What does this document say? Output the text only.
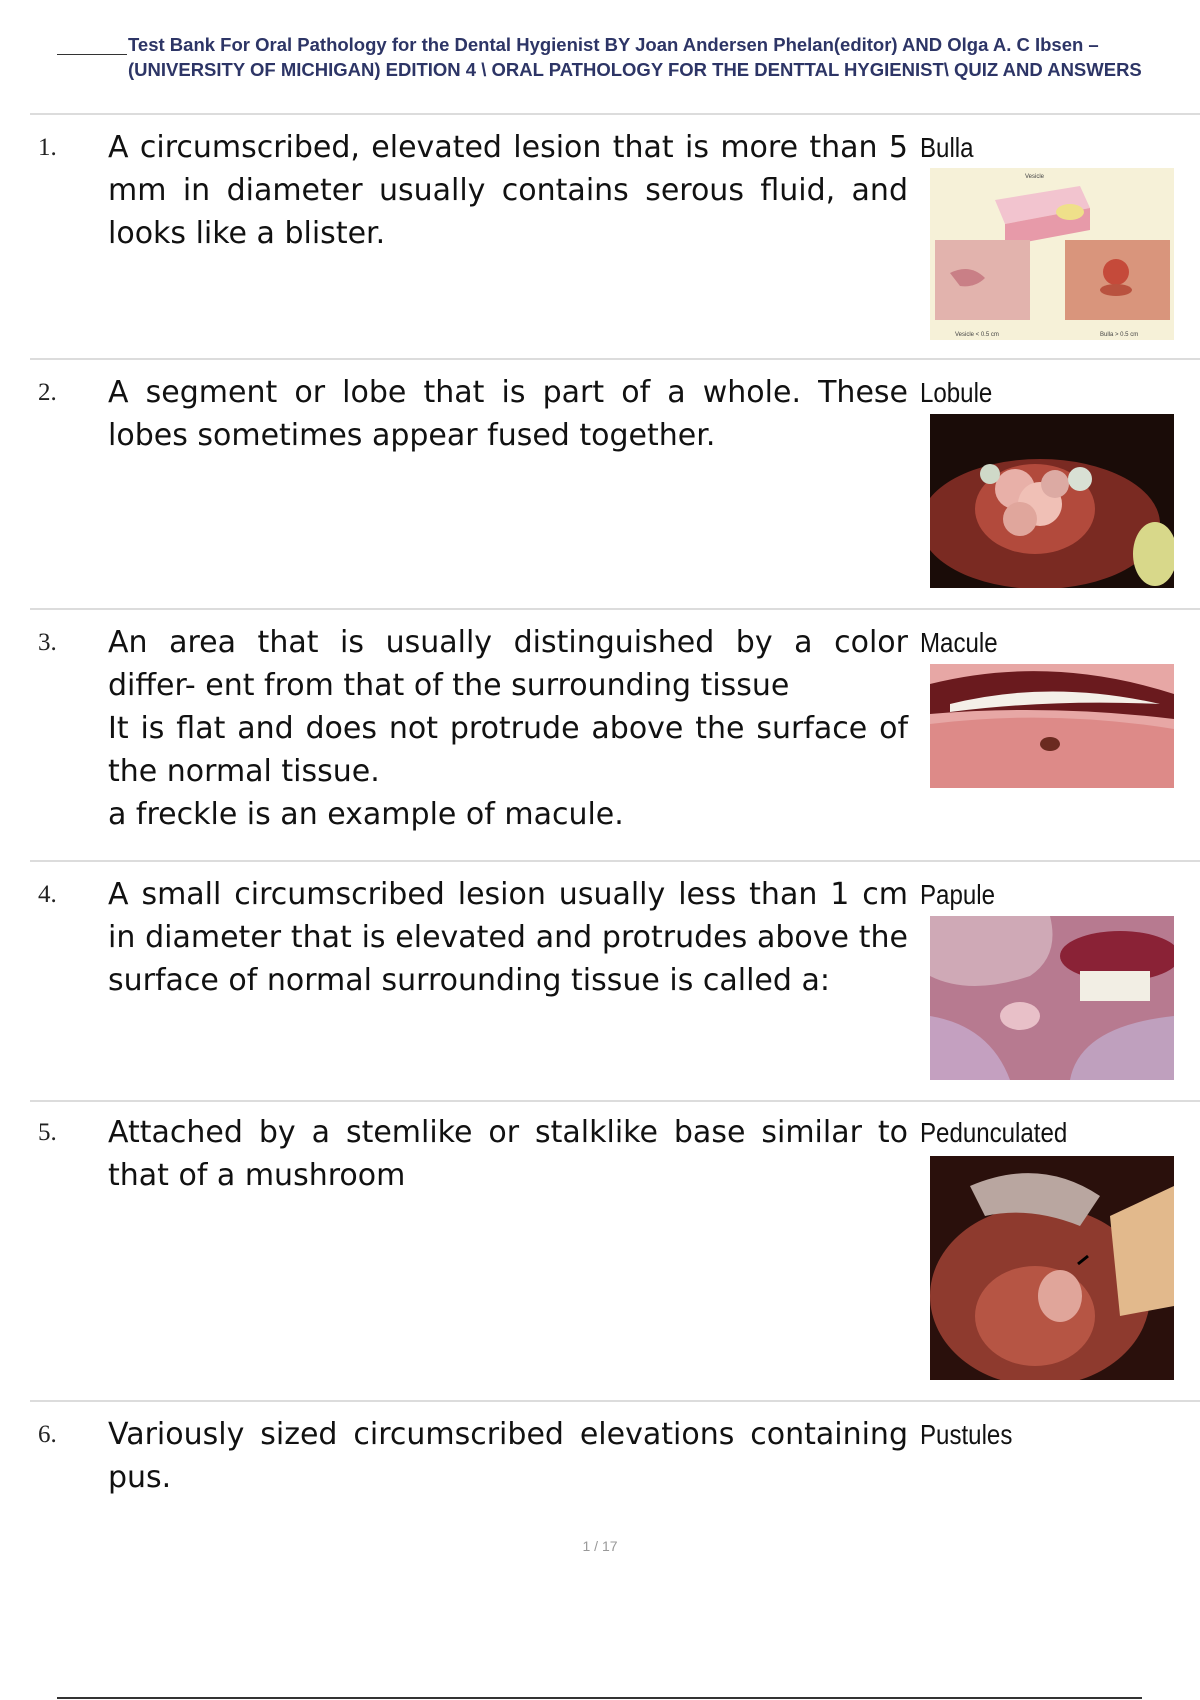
Test Bank For Oral Pathology for the Dental Hygienist BY Joan Andersen Phelan(editor) AND Olga A. C Ibsen – (UNIVERSITY OF MICHIGAN) EDITION 4 \ ORAL PATHOLOGY FOR THE DENTTAL HYGIENIST\ QUIZ AND ANSWERS
1. A circumscribed, elevated lesion that is more than 5 mm in diameter usually contains serous fluid, and looks like a blister.
Bulla
Vesicle
Vesicle < 0.5 cm	Bulla > 0.5 cm
2. A segment or lobe that is part of a whole. These lobes sometimes appear fused together.
Lobule
3. An area that is usually distinguished by a color differ- ent from that of the surrounding tissue
It is flat and does not protrude above the surface of the normal tissue.
a freckle is an example of macule.
Macule
4. A small circumscribed lesion usually less than 1 cm in diameter that is elevated and protrudes above the surface of normal surrounding tissue is called a:
Papule
5. Attached by a stemlike or stalklike base similar to that of a mushroom
Pedunculated
6. Variously sized circumscribed elevations containing pus.
Pustules
1 / 17
